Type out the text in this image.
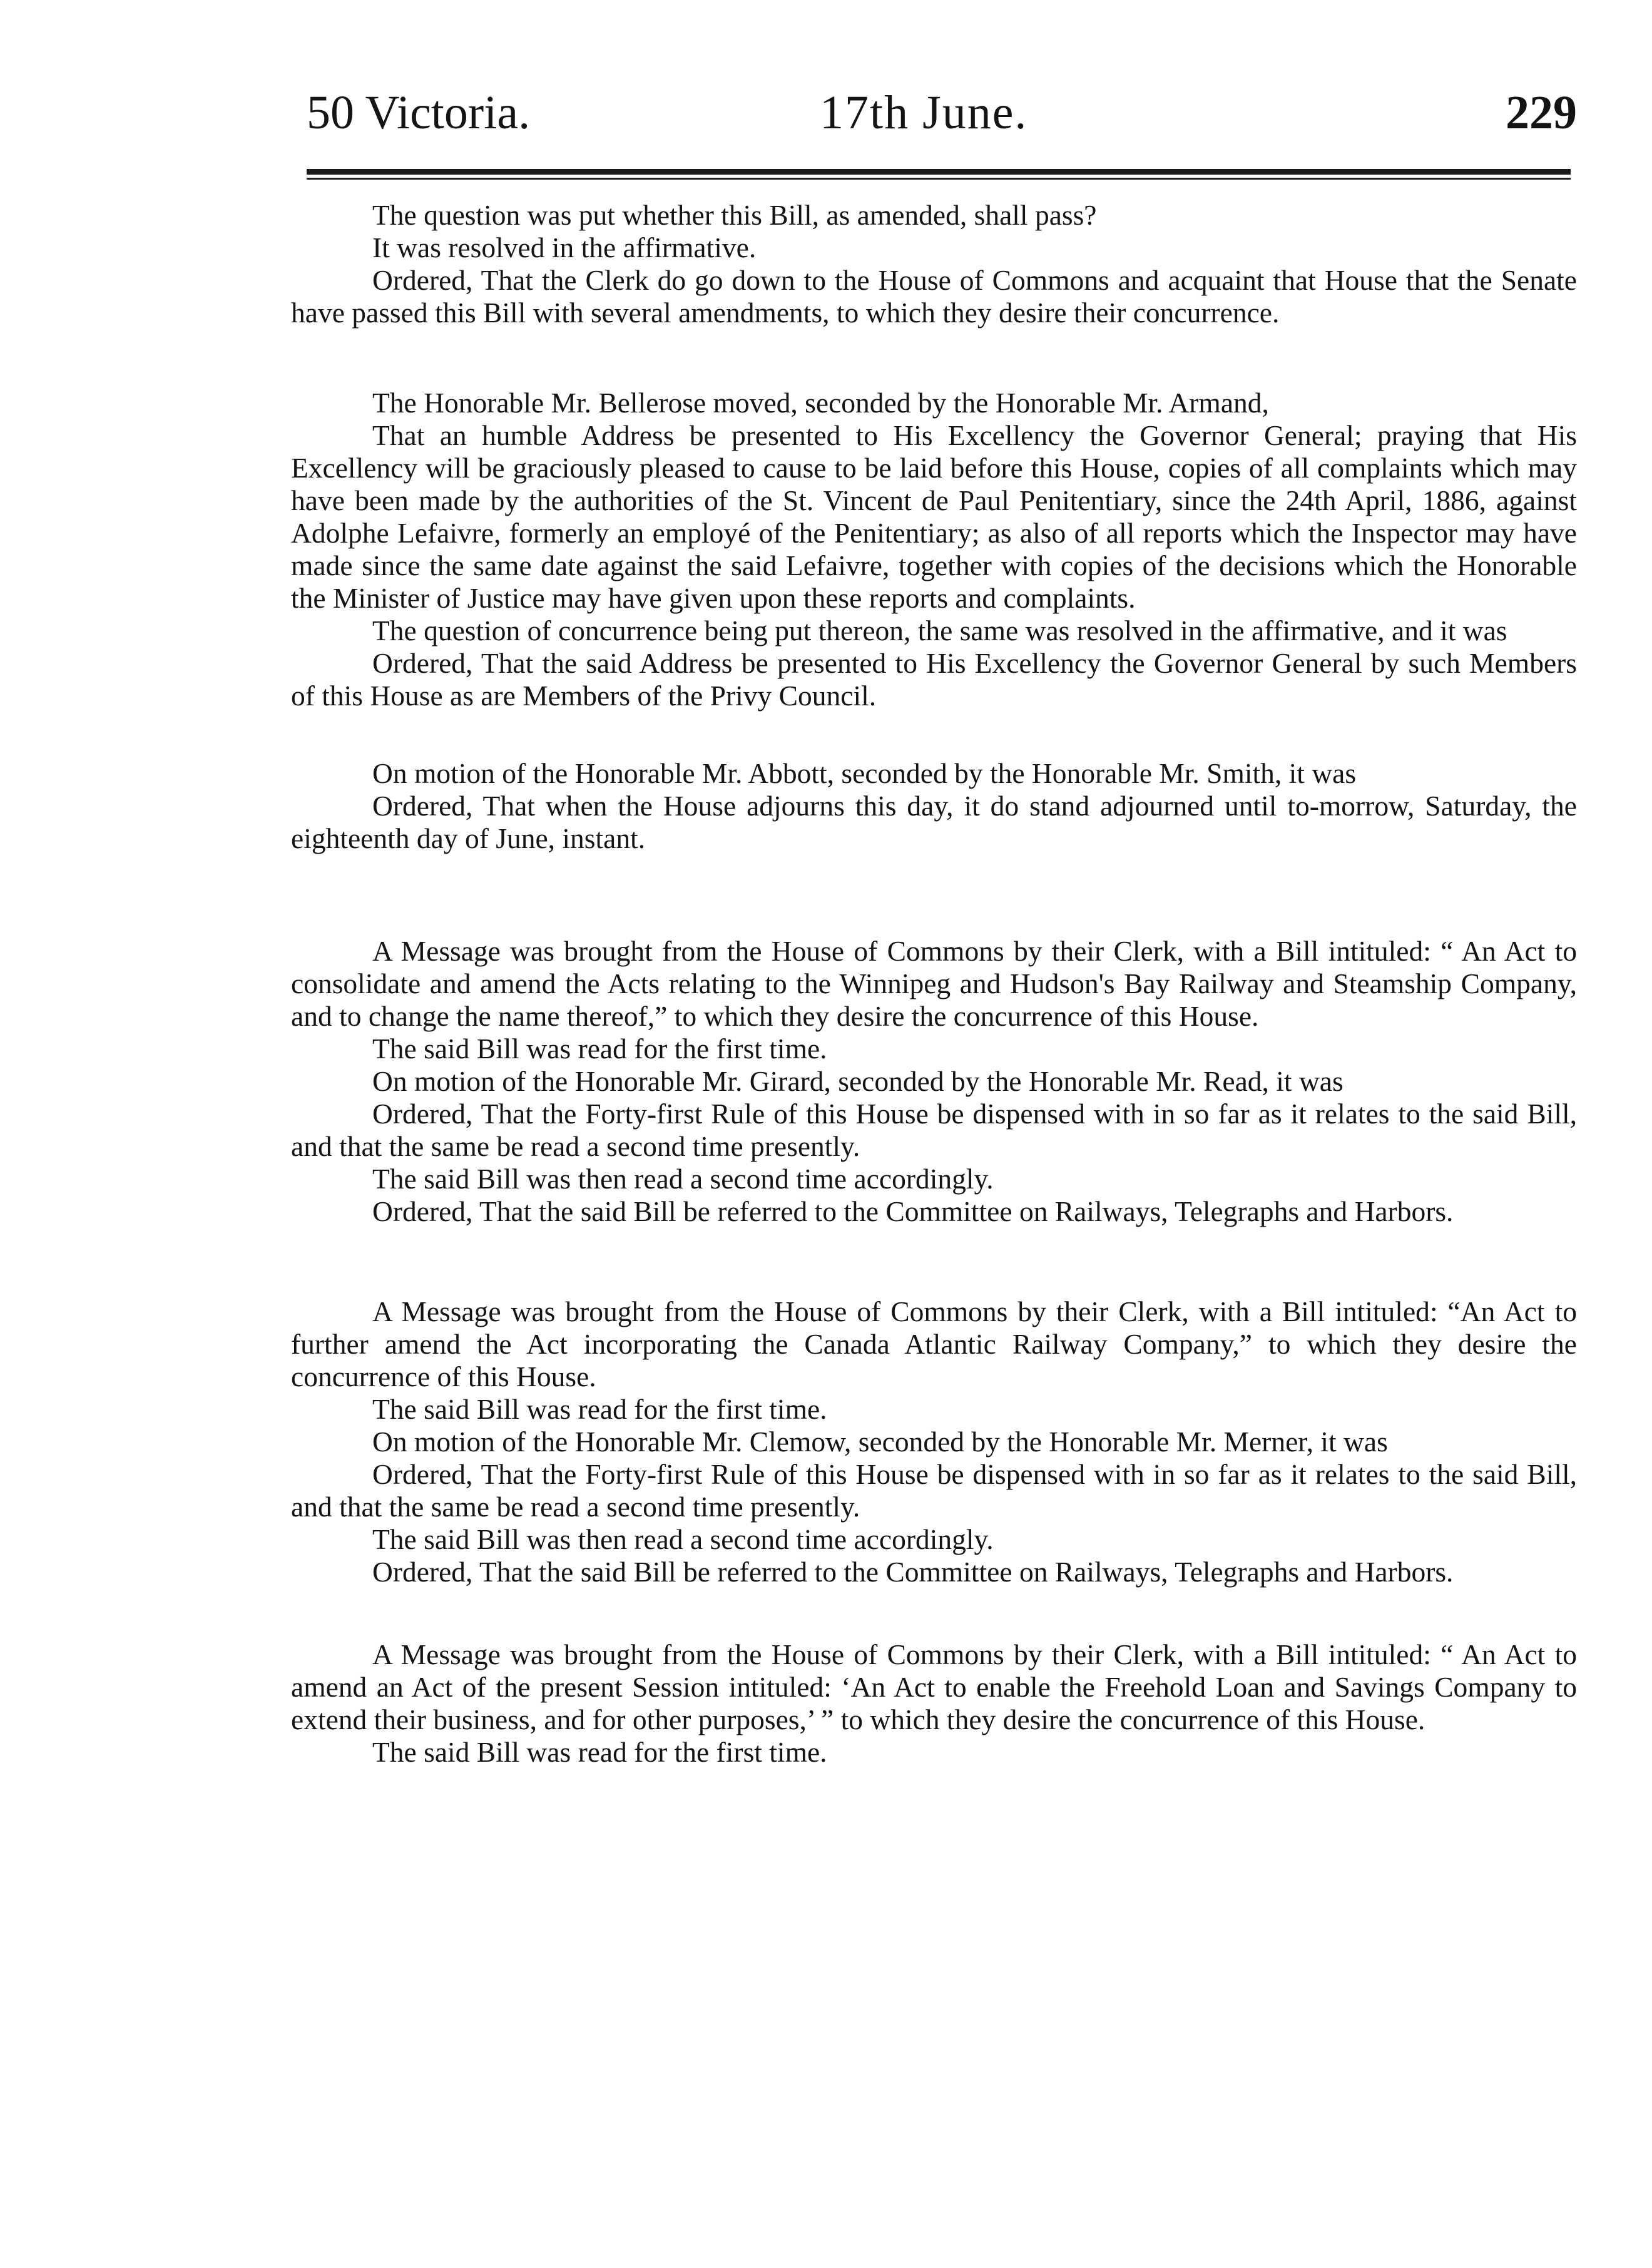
50 Victoria.	17th June.	229

The question was put whether this Bill, as amended, shall pass?

It was resolved in the affirmative.

Ordered, That the Clerk do go down to the House of Commons and acquaint that House that the Senate have passed this Bill with several amendments, to which they desire their concurrence.

The Honorable Mr. Bellerose moved, seconded by the Honorable Mr. Armand,

That an humble Address be presented to His Excellency the Governor General; praying that His Excellency will be graciously pleased to cause to be laid before this House, copies of all complaints which may have been made by the authorities of the St. Vincent de Paul Penitentiary, since the 24th April, 1886, against Adolphe Lefaivre, formerly an employé of the Penitentiary; as also of all reports which the Inspector may have made since the same date against the said Lefaivre, together with copies of the decisions which the Honorable the Minister of Justice may have given upon these reports and complaints.

The question of concurrence being put thereon, the same was resolved in the affirmative, and it was

Ordered, That the said Address be presented to His Excellency the Governor General by such Members of this House as are Members of the Privy Council.

On motion of the Honorable Mr. Abbott, seconded by the Honorable Mr. Smith, it was

Ordered, That when the House adjourns this day, it do stand adjourned until to-morrow, Saturday, the eighteenth day of June, instant.

A Message was brought from the House of Commons by their Clerk, with a Bill intituled: “ An Act to consolidate and amend the Acts relating to the Winnipeg and Hudson's Bay Railway and Steamship Company, and to change the name thereof,” to which they desire the concurrence of this House.

The said Bill was read for the first time.

On motion of the Honorable Mr. Girard, seconded by the Honorable Mr. Read, it was

Ordered, That the Forty-first Rule of this House be dispensed with in so far as it relates to the said Bill, and that the same be read a second time presently.

The said Bill was then read a second time accordingly.

Ordered, That the said Bill be referred to the Committee on Railways, Telegraphs and Harbors.

A Message was brought from the House of Commons by their Clerk, with a Bill intituled: “An Act to further amend the Act incorporating the Canada Atlantic Railway Company,” to which they desire the concurrence of this House.

The said Bill was read for the first time.

On motion of the Honorable Mr. Clemow, seconded by the Honorable Mr. Merner, it was

Ordered, That the Forty-first Rule of this House be dispensed with in so far as it relates to the said Bill, and that the same be read a second time presently.

The said Bill was then read a second time accordingly.

Ordered, That the said Bill be referred to the Committee on Railways, Telegraphs and Harbors.

A Message was brought from the House of Commons by their Clerk, with a Bill intituled: “ An Act to amend an Act of the present Session intituled: ‘An Act to enable the Freehold Loan and Savings Company to extend their business, and for other purposes,’ ” to which they desire the concurrence of this House.

The said Bill was read for the first time.
